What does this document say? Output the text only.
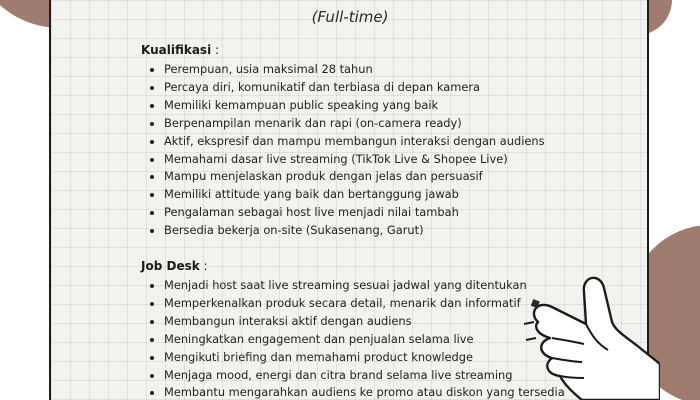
(Full-time)
Kualifikasi :
Perempuan, usia maksimal 28 tahun
Percaya diri, komunikatif dan terbiasa di depan kamera
Memiliki kemampuan public speaking yang baik
Berpenampilan menarik dan rapi (on-camera ready)
Aktif, ekspresif dan mampu membangun interaksi dengan audiens
Memahami dasar live streaming (TikTok Live & Shopee Live)
Mampu menjelaskan produk dengan jelas dan persuasif
Memiliki attitude yang baik dan bertanggung jawab
Pengalaman sebagai host live menjadi nilai tambah
Bersedia bekerja on-site (Sukasenang, Garut)
Job Desk :
Menjadi host saat live streaming sesuai jadwal yang ditentukan
Memperkenalkan produk secara detail, menarik dan informatif
Membangun interaksi aktif dengan audiens
Meningkatkan engagement dan penjualan selama live
Mengikuti briefing dan memahami product knowledge
Menjaga mood, energi dan citra brand selama live streaming
Membantu mengarahkan audiens ke promo atau diskon yang tersedia
